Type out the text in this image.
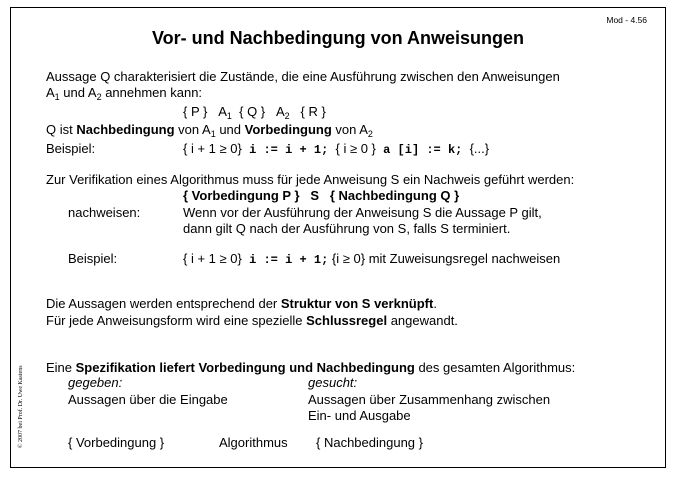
Mod - 4.56
Vor- und Nachbedingung von Anweisungen
Aussage Q charakterisiert die Zustände, die eine Ausführung zwischen den Anweisungen
$A_1$ und $A_2$ annehmen kann:
{ P } $A_1$ { Q } $A_2$ { R }
Q ist Nachbedingung von $A_1$ und Vorbedingung von $A_2$
Beispiel:	{ i + 1 ≥ 0} i := i + 1; { i ≥ 0 } a [i] := k; {...}
Zur Verifikation eines Algorithmus muss für jede Anweisung S ein Nachweis geführt werden:
{ Vorbedingung P }   S   { Nachbedingung Q }
nachweisen:	Wenn vor der Ausführung der Anweisung S die Aussage P gilt,
dann gilt Q nach der Ausführung von S, falls S terminiert.
Beispiel:	{ i + 1 ≥ 0} i := i + 1; {i ≥ 0} mit Zuweisungsregel nachweisen
Die Aussagen werden entsprechend der Struktur von S verknüpft.
Für jede Anweisungsform wird eine spezielle Schlussregel angewandt.
Eine Spezifikation liefert Vorbedingung und Nachbedingung des gesamten Algorithmus:
gegeben:	gesucht:
Aussagen über die Eingabe	Aussagen über Zusammenhang zwischen
Ein- und Ausgabe
{ Vorbedingung }	Algorithmus { Nachbedingung }
© 2007 bei Prof. Dr. Uwe Kastens
